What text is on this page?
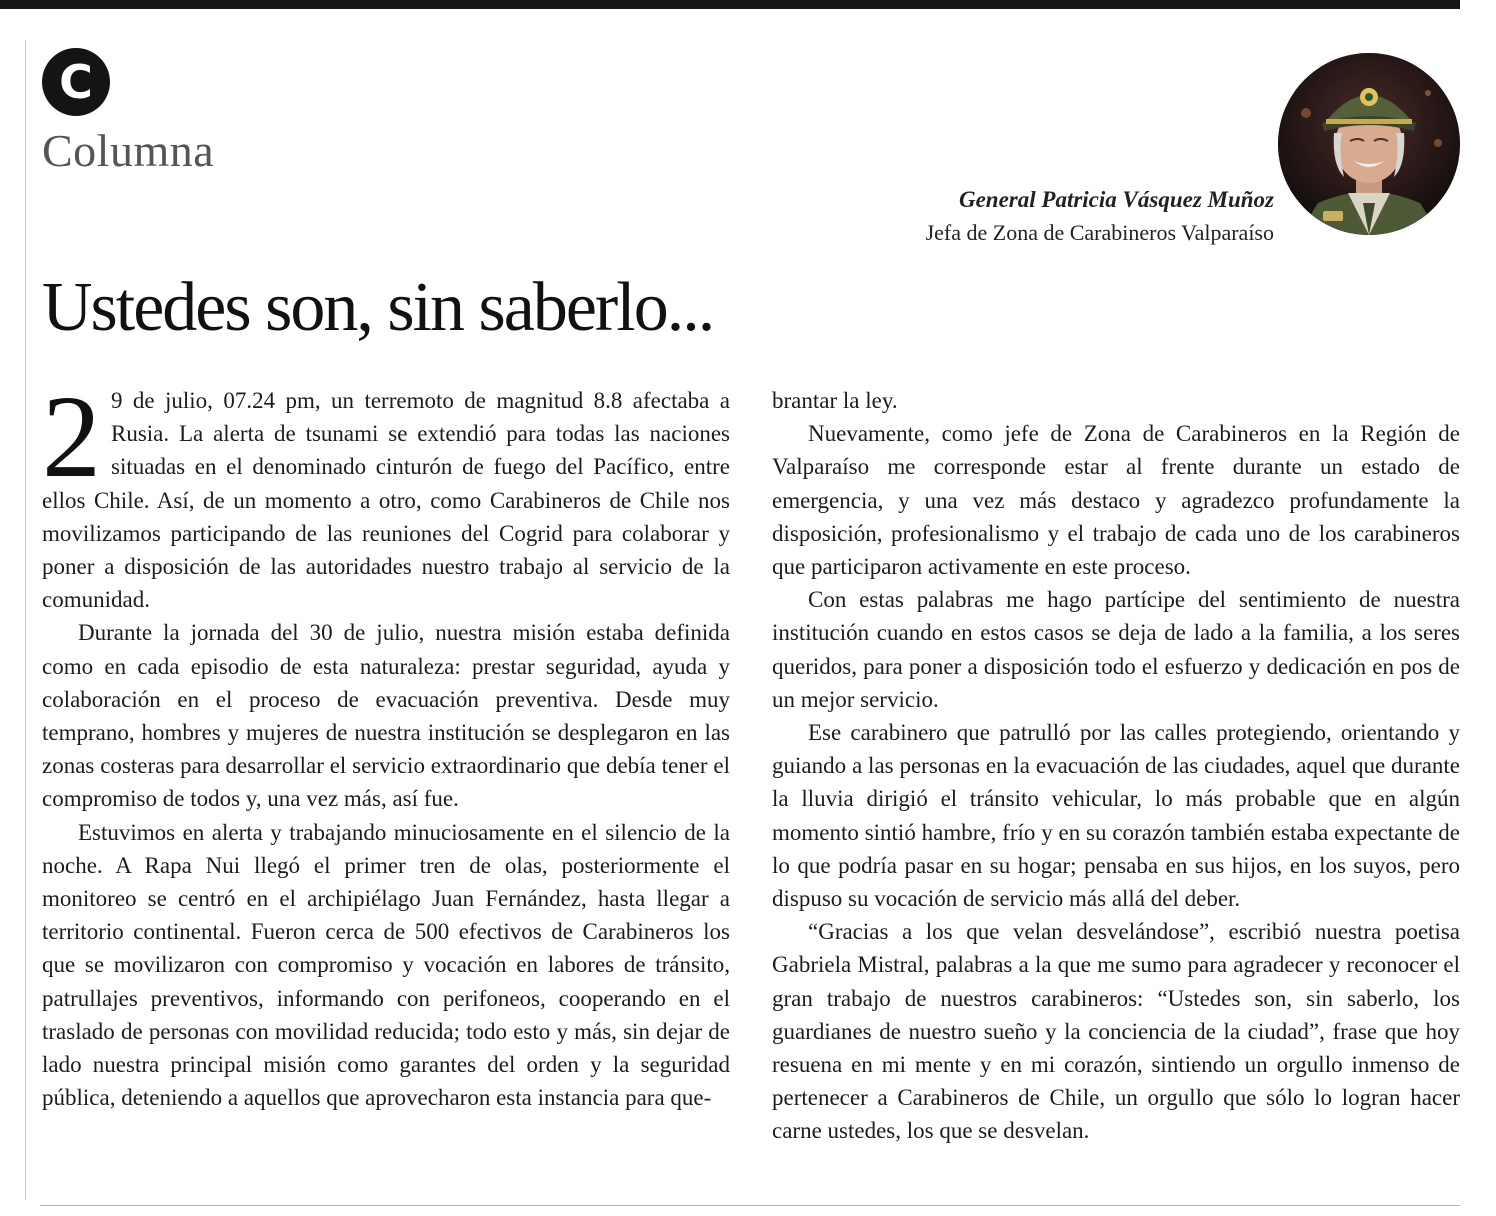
C
Columna
General Patricia Vásquez Muñoz
Jefa de Zona de Carabineros Valparaíso
Ustedes son, sin saberlo...

2 9 de julio, 07.24 pm, un terremoto de magnitud 8.8 afectaba a Rusia. La alerta de tsunami se extendió para todas las naciones situadas en el denominado cinturón de fuego del Pacífico, entre ellos Chile. Así, de un momento a otro, como Carabineros de Chile nos movilizamos participando de las reuniones del Cogrid para colaborar y poner a disposición de las autoridades nuestro trabajo al servicio de la comunidad.

Durante la jornada del 30 de julio, nuestra misión estaba definida como en cada episodio de esta naturaleza: prestar seguridad, ayuda y colaboración en el proceso de evacuación preventiva. Desde muy temprano, hombres y mujeres de nuestra institución se desplegaron en las zonas costeras para desarrollar el servicio extraordinario que debía tener el compromiso de todos y, una vez más, así fue.

Estuvimos en alerta y trabajando minuciosamente en el silencio de la noche. A Rapa Nui llegó el primer tren de olas, posteriormente el monitoreo se centró en el archipiélago Juan Fernández, hasta llegar a territorio continental. Fueron cerca de 500 efectivos de Carabineros los que se movilizaron con compromiso y vocación en labores de tránsito, patrullajes preventivos, informando con perifoneos, cooperando en el traslado de personas con movilidad reducida; todo esto y más, sin dejar de lado nuestra principal misión como garantes del orden y la seguridad pública, deteniendo a aquellos que aprovecharon esta instancia para que-

brantar la ley.

Nuevamente, como jefe de Zona de Carabineros en la Región de Valparaíso me corresponde estar al frente durante un estado de emergencia, y una vez más destaco y agradezco profundamente la disposición, profesionalismo y el trabajo de cada uno de los carabineros que participaron activamente en este proceso.

Con estas palabras me hago partícipe del sentimiento de nuestra institución cuando en estos casos se deja de lado a la familia, a los seres queridos, para poner a disposición todo el esfuerzo y dedicación en pos de un mejor servicio.

Ese carabinero que patrulló por las calles protegiendo, orientando y guiando a las personas en la evacuación de las ciudades, aquel que durante la lluvia dirigió el tránsito vehicular, lo más probable que en algún momento sintió hambre, frío y en su corazón también estaba expectante de lo que podría pasar en su hogar; pensaba en sus hijos, en los suyos, pero dispuso su vocación de servicio más allá del deber.

“Gracias a los que velan desvelándose”, escribió nuestra poetisa Gabriela Mistral, palabras a la que me sumo para agradecer y reconocer el gran trabajo de nuestros carabineros: “Ustedes son, sin saberlo, los guardianes de nuestro sueño y la conciencia de la ciudad”, frase que hoy resuena en mi mente y en mi corazón, sintiendo un orgullo inmenso de pertenecer a Carabineros de Chile, un orgullo que sólo lo logran hacer carne ustedes, los que se desvelan.
